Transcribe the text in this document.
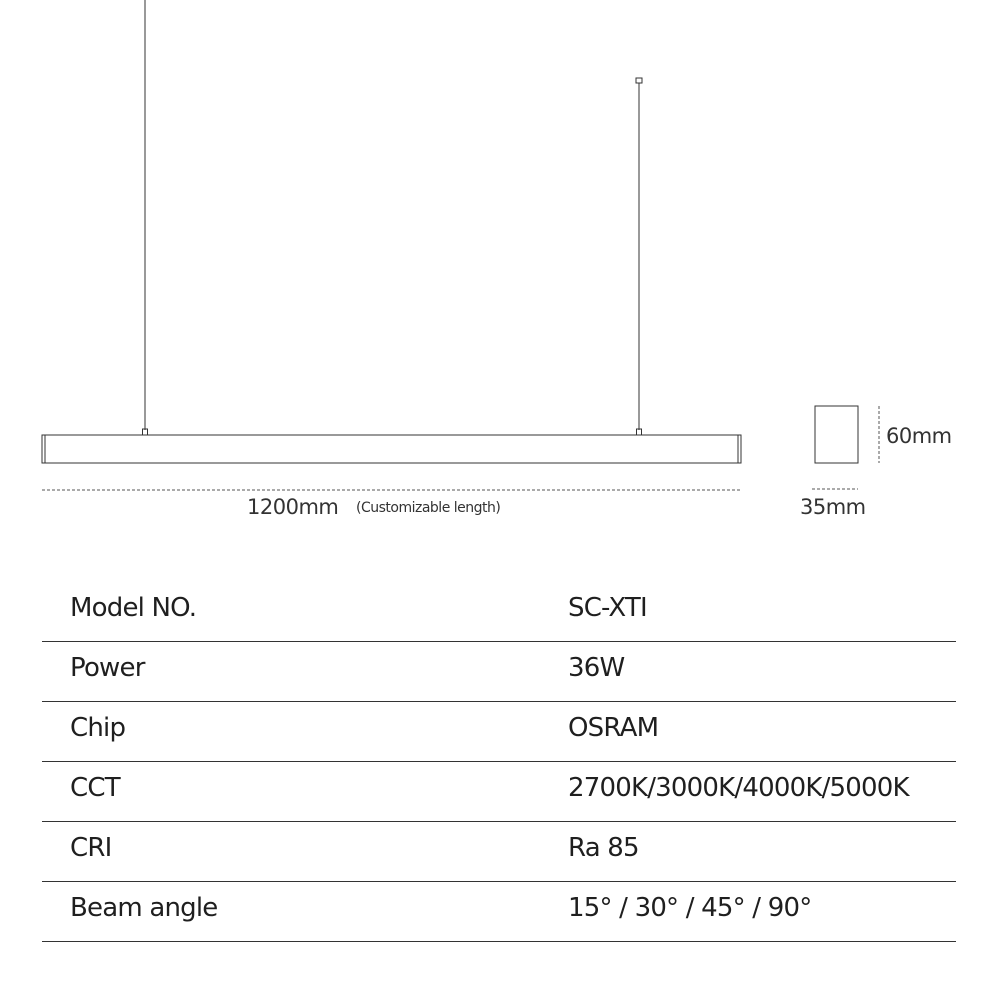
1200mm (Customizable length)
60mm
35mm
Model NO.	SC-XTI
Power	36W
Chip	OSRAM
CCT	2700K/3000K/4000K/5000K
CRI	Ra 85
Beam angle	15° / 30° / 45° / 90°
